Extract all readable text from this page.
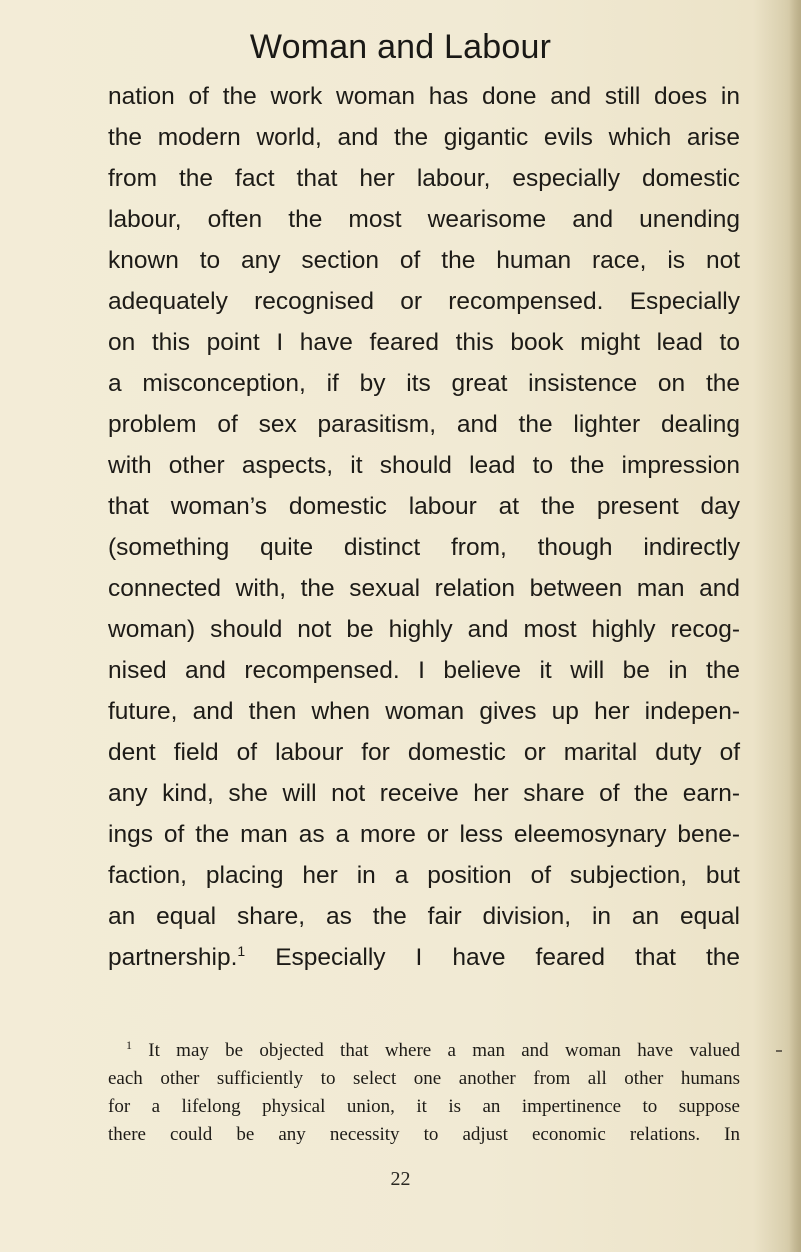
Woman and Labour
nation of the work woman has done and still does in
the modern world, and the gigantic evils which arise
from the fact that her labour, especially domestic
labour, often the most wearisome and unending
known to any section of the human race, is not
adequately recognised or recompensed. Especially
on this point I have feared this book might lead to
a misconception, if by its great insistence on the
problem of sex parasitism, and the lighter dealing
with other aspects, it should lead to the impression
that woman’s domestic labour at the present day
(something quite distinct from, though indirectly
connected with, the sexual relation between man and
woman) should not be highly and most highly recog-
nised and recompensed. I believe it will be in the
future, and then when woman gives up her indepen-
dent field of labour for domestic or marital duty of
any kind, she will not receive her share of the earn-
ings of the man as a more or less eleemosynary bene-
faction, placing her in a position of subjection, but
an equal share, as the fair division, in an equal
partnership.$^1$ Especially I have feared that the
$^1$ It may be objected that where a man and woman have valued
each other sufficiently to select one another from all other humans
for a lifelong physical union, it is an impertinence to suppose
there could be any necessity to adjust economic relations. In
22
